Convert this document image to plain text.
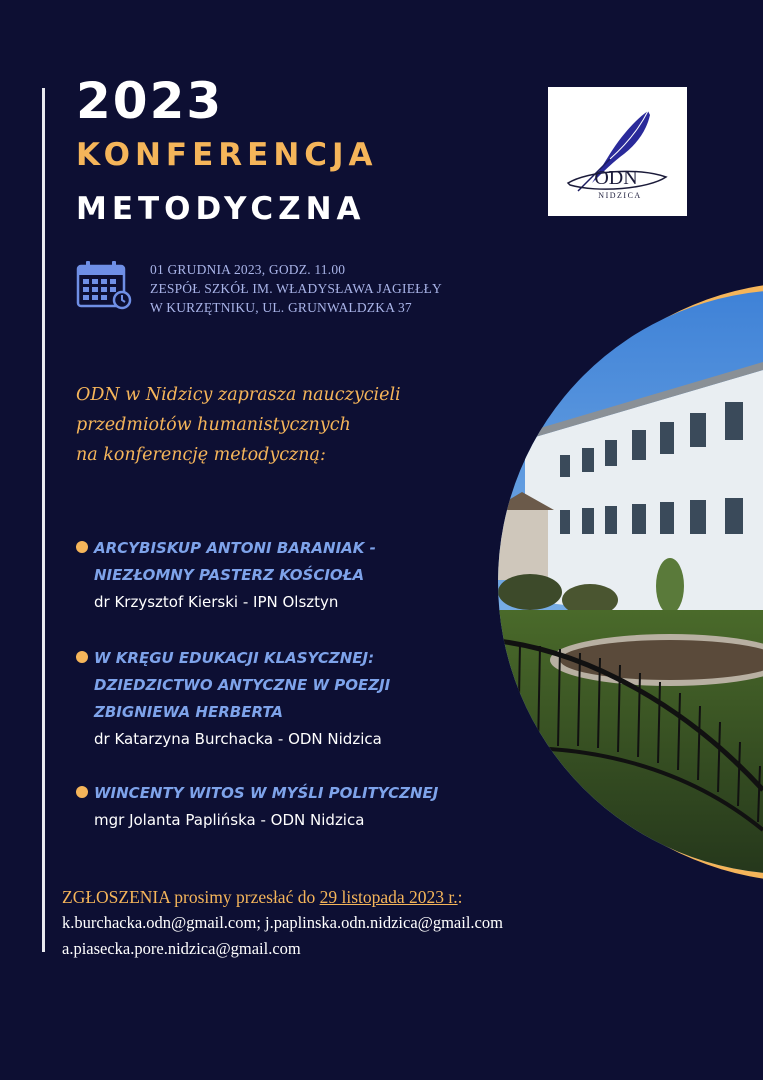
2023
KONFERENCJA
METODYCZNA
ODN
NIDZICA
01 GRUDNIA 2023, GODZ. 11.00
ZESPÓŁ SZKÓŁ IM. WŁADYSŁAWA JAGIEŁŁY
W KURZĘTNIKU, UL. GRUNWALDZKA 37
ODN w Nidzicy zaprasza nauczycieli
przedmiotów humanistycznych
na konferencję metodyczną:
ARCYBISKUP ANTONI BARANIAK -
NIEZŁOMNY PASTERZ KOŚCIOŁA
dr Krzysztof Kierski - IPN Olsztyn
W KRĘGU EDUKACJI KLASYCZNEJ:
DZIEDZICTWO ANTYCZNE W POEZJI
ZBIGNIEWA HERBERTA
dr Katarzyna Burchacka - ODN Nidzica
WINCENTY WITOS W MYŚLI POLITYCZNEJ
mgr Jolanta Paplińska - ODN Nidzica
ZGŁOSZENIA prosimy przesłać do 29 listopada 2023 r.:
k.burchacka.odn@gmail.com; j.paplinska.odn.nidzica@gmail.com
a.piasecka.pore.nidzica@gmail.com
